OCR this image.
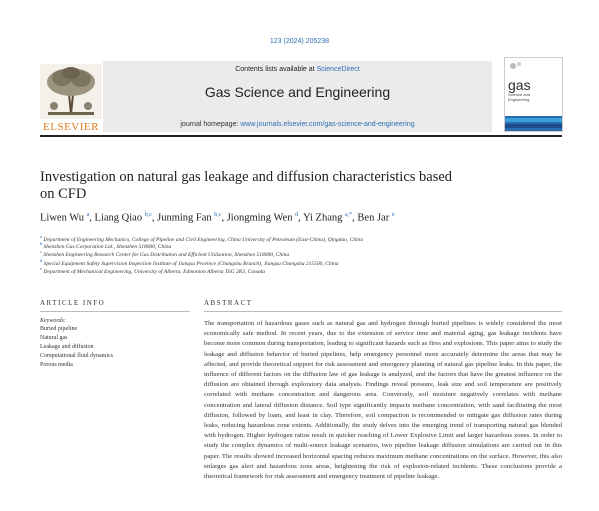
123 (2024) 205238
ELSEVIER
Contents lists available at ScienceDirect
Gas Science and Engineering
journal homepage: www.journals.elsevier.com/gas-science-and-engineering
gas
Science and
Engineering
Investigation on natural gas leakage and diffusion characteristics based on CFD
Liwen Wu $^a$, Liang Qiao $^{b,c}$, Junming Fan $^{b,c}$, Jiongming Wen $^d$, Yi Zhang $^{a,*}$, Ben Jar $^e$
$^a$ Department of Engineering Mechanics, College of Pipeline and Civil Engineering, China University of Petroleum (East-China), Qingdao, China
$^b$ Shenzhen Gas Corporation Ltd., Shenzhen 518000, China
$^c$ Shenzhen Engineering Research Center for Gas Distribution and Efficient Utilization, Shenzhen 518000, China
$^d$ Special Equipment Safety Supervision Inspection Institute of Jiangsu Province (Changshu Branch), Jiangsu Changshu 215500, China
$^e$ Department of Mechanical Engineering, University of Alberta, Edmonton Alberta T6G 2R3, Canada
ARTICLE INFO	ABSTRACT
Keywords:
Buried pipeline
Natural gas
Leakage and diffusion
Computational fluid dynamics
Porous media
The transportation of hazardous gases such as natural gas and hydrogen through buried pipelines is widely considered the most economically safe method. In recent years, due to the extension of service time and material aging, gas leakage incidents have become more common during transportation, leading to significant hazards such as fires and explosions. This paper aims to study the leakage and diffusion behavior of buried pipelines, help emergency personnel more accurately determine the areas that may be affected, and provide theoretical support for risk assessment and emergency planning of natural gas pipeline leaks. In this paper, the influence of different factors on the diffusion law of gas leakage is analyzed, and the factors that have the greatest influence on the diffusion are obtained through exploratory data analysis. Findings reveal pressure, leak size and soil temperature are positively correlated with methane concentration and dangerous area. Conversely, soil moisture negatively correlates with methane concentration and lateral diffusion distance. Soil type significantly impacts methane concentration, with sand facilitating the most diffusion, followed by loam, and least in clay. Therefore, soil compaction is recommended to mitigate gas diffusion rates during leaks, reducing hazardous zone extents. Additionally, the study delves into the emerging trend of transporting natural gas blended with hydrogen. Higher hydrogen ratios result in quicker reaching of Lower Explosive Limit and larger hazardous zones. In order to study the complex dynamics of multi-source leakage scenarios, two pipeline leakage diffusion simulations are carried out in this paper. The results showed increased horizontal spacing reduces maximum methane concentrations on the surface. However, this also enlarges gas alert and hazardous zone areas, heightening the risk of explosion-related incidents. These conclusions provide a theoretical framework for risk assessment and emergency treatment of pipeline leakage.
